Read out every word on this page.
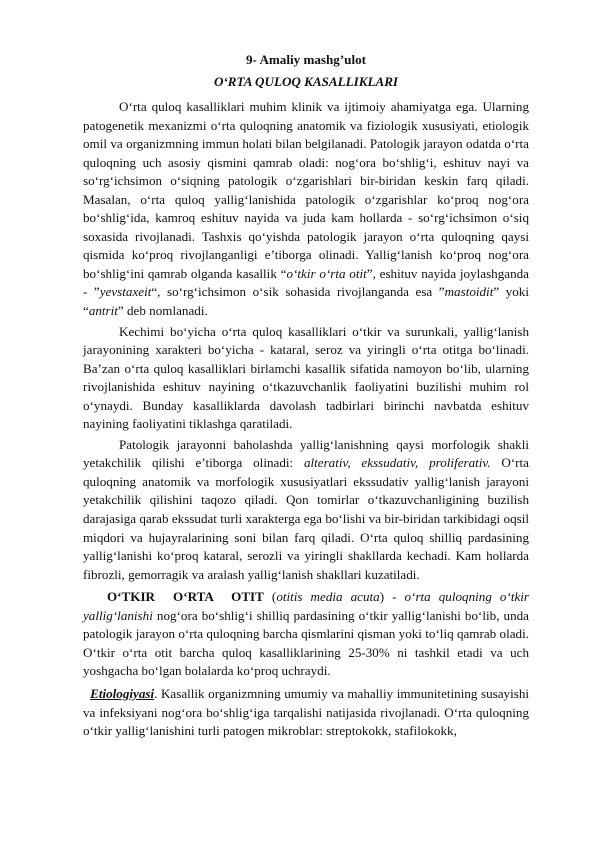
9- Amaliy mashg’ulot

O‘RTA QULOQ KASALLIKLARI

O‘rta quloq kasalliklari muhim klinik va ijtimoiy ahamiyatga ega. Ularning patogenetik mexanizmi o‘rta quloqning anatomik va fiziologik xususiyati, etiologik omil va organizmning immun holati bilan belgilanadi. Patologik jarayon odatda o‘rta quloqning uch asosiy qismini qamrab oladi: nog‘ora bo‘shlig‘i, eshituv nayi va so‘rg‘ichsimon o‘siqning patologik o‘zgarishlari bir-biridan keskin farq qiladi. Masalan, o‘rta quloq yallig‘lanishida patologik o‘zgarishlar ko‘proq nog‘ora bo‘shlig‘ida, kamroq eshituv nayida va juda kam hollarda - so‘rg‘ichsimon o‘siq soxasida rivojlanadi. Tashxis qo‘yishda patologik jarayon o‘rta quloqning qaysi qismida ko‘proq rivojlanganligi e’tiborga olinadi. Yallig‘lanish ko‘proq nog‘ora bo‘shlig‘ini qamrab olganda kasallik “o‘tkir o‘rta otit”, eshituv nayida joylashganda - ”yevstaxeit“, so‘rg‘ichsimon o‘sik sohasida rivojlanganda esa ”mastoidit” yoki “antrit” deb nomlanadi.

Kechimi bo‘yicha o‘rta quloq kasalliklari o‘tkir va surunkali, yallig‘lanish jarayonining xarakteri bo‘yicha - kataral, seroz va yiringli o‘rta otitga bo‘linadi. Ba’zan o‘rta quloq kasalliklari birlamchi kasallik sifatida namoyon bo‘lib, ularning rivojlanishida eshituv nayining o‘tkazuvchanlik faoliyatini buzilishi muhim rol o‘ynaydi. Bunday kasalliklarda davolash tadbirlari birinchi navbatda eshituv nayining faoliyatini tiklashga qaratiladi.

Patologik jarayonni baholashda yallig‘lanishning qaysi morfologik shakli yetakchilik qilishi e’tiborga olinadi: alterativ, ekssudativ, proliferativ. O‘rta quloqning anatomik va morfologik xususiyatlari ekssudativ yallig‘lanish jarayoni yetakchilik qilishini taqozo qiladi. Qon tomirlar o‘tkazuvchanligining buzilish darajasiga qarab ekssudat turli xarakterga ega bo‘lishi va bir-biridan tarkibidagi oqsil miqdori va hujayralarining soni bilan farq qiladi. O‘rta quloq shilliq pardasining yallig‘lanishi ko‘proq kataral, serozli va yiringli shakllarda kechadi. Kam hollarda fibrozli, gemorragik va aralash yallig‘lanish shakllari kuzatiladi.

O‘TKIR O‘RTA OTIT (otitis media acuta) - o‘rta quloqning o‘tkir yallig‘lanishi nog‘ora bo‘shlig‘i shilliq pardasining o‘tkir yallig‘lanishi bo‘lib, unda patologik jarayon o‘rta quloqning barcha qismlarini qisman yoki to‘liq qamrab oladi. O‘tkir o‘rta otit barcha quloq kasalliklarining 25-30% ni tashkil etadi va uch yoshgacha bo‘lgan bolalarda ko‘proq uchraydi.

Etiologiyasi. Kasallik organizmning umumiy va mahalliy immunitetining susayishi va infeksiyani nog‘ora bo‘shlig‘iga tarqalishi natijasida rivojlanadi. O‘rta quloqning o‘tkir yallig‘lanishini turli patogen mikroblar: streptokokk, stafilokokk,
